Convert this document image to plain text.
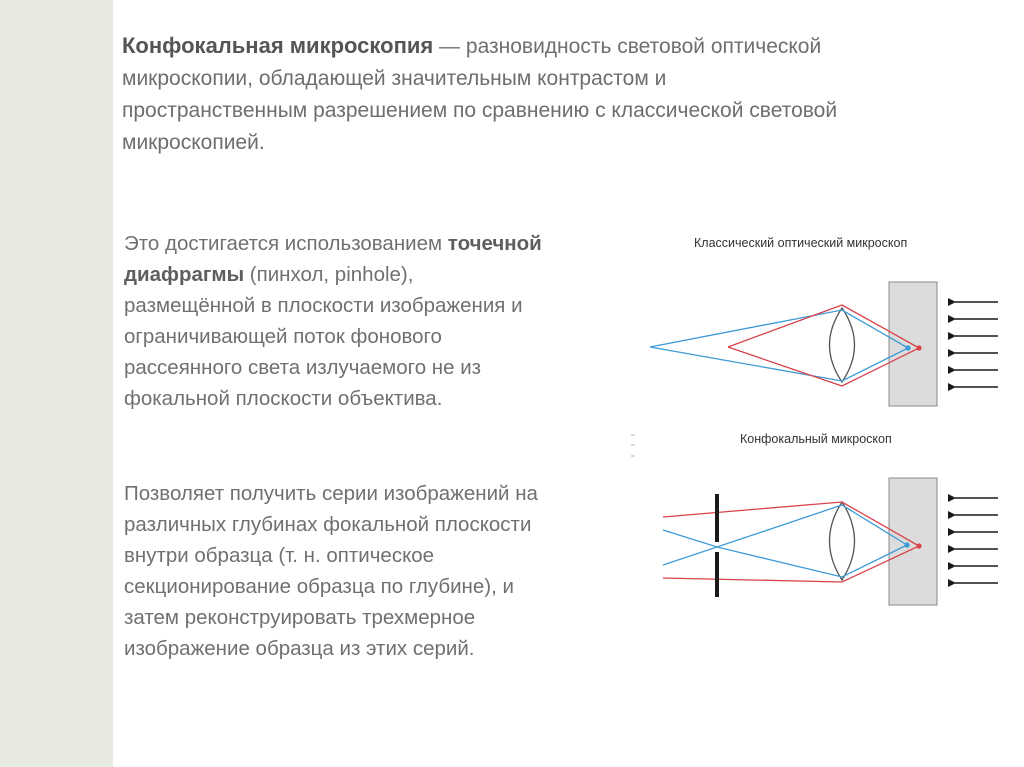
Конфокальная микроскопия — разновидность световой оптической микроскопии, обладающей значительным контрастом и пространственным разрешением по сравнению с классической световой микроскопией.
Это достигается использованием точечной диафрагмы (пинхол, pinhole), размещённой в плоскости изображения и ограничивающей поток фонового рассеянного света излучаемого не из фокальной плоскости объектива.
Позволяет получить серии изображений на различных глубинах фокальной плоскости внутри образца (т. н. оптическое секционирование образца по глубине), и затем реконструировать трехмерное изображение образца из этих серий.
Классический оптический микроскоп
Конфокальный микроскоп
